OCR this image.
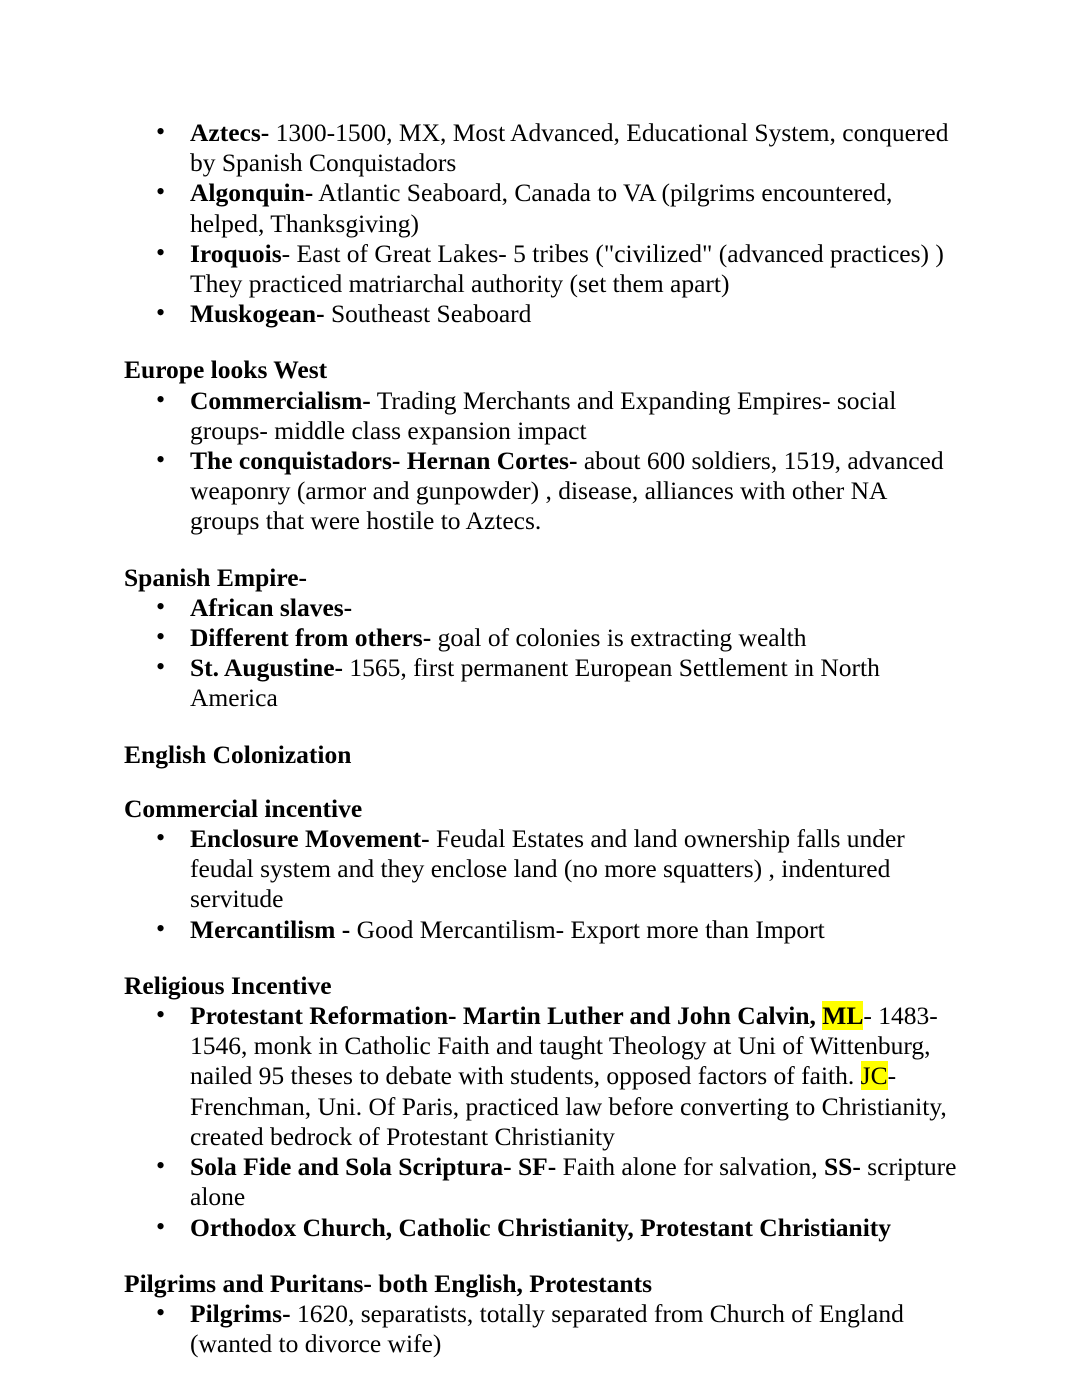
• Aztecs- 1300-1500, MX, Most Advanced, Educational System, conquered by Spanish Conquistadors
• Algonquin- Atlantic Seaboard, Canada to VA (pilgrims encountered, helped, Thanksgiving)
• Iroquois- East of Great Lakes- 5 tribes ("civilized" (advanced practices) ) They practiced matriarchal authority (set them apart)
• Muskogean- Southeast Seaboard
Europe looks West
• Commercialism- Trading Merchants and Expanding Empires- social groups- middle class expansion impact
• The conquistadors- Hernan Cortes- about 600 soldiers, 1519, advanced weaponry (armor and gunpowder) , disease, alliances with other NA groups that were hostile to Aztecs.
Spanish Empire-
• African slaves-
• Different from others- goal of colonies is extracting wealth
• St. Augustine- 1565, first permanent European Settlement in North America
English Colonization
Commercial incentive
• Enclosure Movement- Feudal Estates and land ownership falls under feudal system and they enclose land (no more squatters) , indentured servitude
• Mercantilism - Good Mercantilism- Export more than Import
Religious Incentive
• Protestant Reformation- Martin Luther and John Calvin, ML- 1483-1546, monk in Catholic Faith and taught Theology at Uni of Wittenburg, nailed 95 theses to debate with students, opposed factors of faith. JC- Frenchman, Uni. Of Paris, practiced law before converting to Christianity, created bedrock of Protestant Christianity
• Sola Fide and Sola Scriptura- SF- Faith alone for salvation, SS- scripture alone
• Orthodox Church, Catholic Christianity, Protestant Christianity
Pilgrims and Puritans- both English, Protestants
• Pilgrims- 1620, separatists, totally separated from Church of England (wanted to divorce wife)
